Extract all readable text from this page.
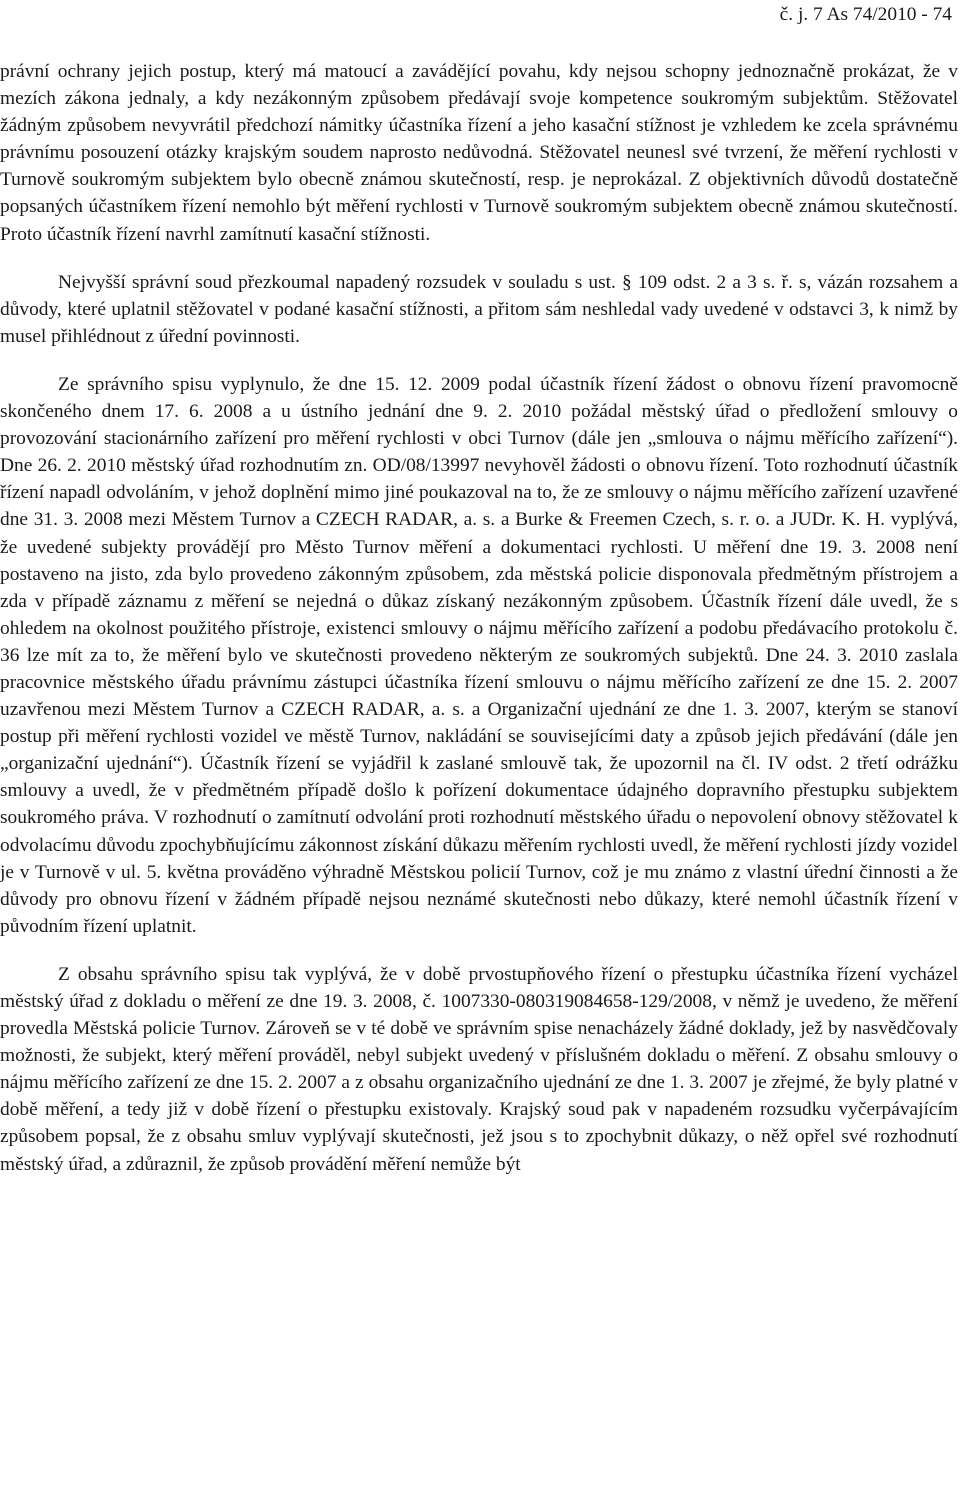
č. j. 7 As 74/2010 - 74

právní ochrany jejich postup, který má matoucí a zavádějící povahu, kdy nejsou schopny jednoznačně prokázat, že v mezích zákona jednaly, a kdy nezákonným způsobem předávají svoje kompetence soukromým subjektům. Stěžovatel žádným způsobem nevyvrátil předchozí námitky účastníka řízení a jeho kasační stížnost je vzhledem ke zcela správnému právnímu posouzení otázky krajským soudem naprosto nedůvodná. Stěžovatel neunesl své tvrzení, že měření rychlosti v Turnově soukromým subjektem bylo obecně známou skutečností, resp. je neprokázal. Z objektivních důvodů dostatečně popsaných účastníkem řízení nemohlo být měření rychlosti v Turnově soukromým subjektem obecně známou skutečností. Proto účastník řízení navrhl zamítnutí kasační stížnosti.

Nejvyšší správní soud přezkoumal napadený rozsudek v souladu s ust. § 109 odst. 2 a 3 s. ř. s, vázán rozsahem a důvody, které uplatnil stěžovatel v podané kasační stížnosti, a přitom sám neshledal vady uvedené v odstavci 3, k nimž by musel přihlédnout z úřední povinnosti.

Ze správního spisu vyplynulo, že dne 15. 12. 2009 podal účastník řízení žádost o obnovu řízení pravomocně skončeného dnem 17. 6. 2008 a u ústního jednání dne 9. 2. 2010 požádal městský úřad o předložení smlouvy o provozování stacionárního zařízení pro měření rychlosti v obci Turnov (dále jen „smlouva o nájmu měřícího zařízení“). Dne 26. 2. 2010 městský úřad rozhodnutím zn. OD/08/13997 nevyhověl žádosti o obnovu řízení. Toto rozhodnutí účastník řízení napadl odvoláním, v jehož doplnění mimo jiné poukazoval na to, že ze smlouvy o nájmu měřícího zařízení uzavřené dne 31. 3. 2008 mezi Městem Turnov a CZECH RADAR, a. s. a Burke & Freemen Czech, s. r. o. a JUDr. K. H. vyplývá, že uvedené subjekty provádějí pro Město Turnov měření a dokumentaci rychlosti. U měření dne 19. 3. 2008 není postaveno na jisto, zda bylo provedeno zákonným způsobem, zda městská policie disponovala předmětným přístrojem a zda v případě záznamu z měření se nejedná o důkaz získaný nezákonným způsobem. Účastník řízení dále uvedl, že s ohledem na okolnost použitého přístroje, existenci smlouvy o nájmu měřícího zařízení a podobu předávacího protokolu č. 36 lze mít za to, že měření bylo ve skutečnosti provedeno některým ze soukromých subjektů. Dne 24. 3. 2010 zaslala pracovnice městského úřadu právnímu zástupci účastníka řízení smlouvu o nájmu měřícího zařízení ze dne 15. 2. 2007 uzavřenou mezi Městem Turnov a CZECH RADAR, a. s. a Organizační ujednání ze dne 1. 3. 2007, kterým se stanoví postup při měření rychlosti vozidel ve městě Turnov, nakládání se souvisejícími daty a způsob jejich předávání (dále jen „organizační ujednání“). Účastník řízení se vyjádřil k zaslané smlouvě tak, že upozornil na čl. IV odst. 2 třetí odrážku smlouvy a uvedl, že v předmětném případě došlo k pořízení dokumentace údajného dopravního přestupku subjektem soukromého práva. V rozhodnutí o zamítnutí odvolání proti rozhodnutí městského úřadu o nepovolení obnovy stěžovatel k odvolacímu důvodu zpochybňujícímu zákonnost získání důkazu měřením rychlosti uvedl, že měření rychlosti jízdy vozidel je v Turnově v ul. 5. května prováděno výhradně Městskou policií Turnov, což je mu známo z vlastní úřední činnosti a že důvody pro obnovu řízení v žádném případě nejsou neznámé skutečnosti nebo důkazy, které nemohl účastník řízení v původním řízení uplatnit.

Z obsahu správního spisu tak vyplývá, že v době prvostupňového řízení o přestupku účastníka řízení vycházel městský úřad z dokladu o měření ze dne 19. 3. 2008, č. 1007330-080319084658-129/2008, v němž je uvedeno, že měření provedla Městská policie Turnov. Zároveň se v té době ve správním spise nenacházely žádné doklady, jež by nasvědčovaly možnosti, že subjekt, který měření prováděl, nebyl subjekt uvedený v příslušném dokladu o měření. Z obsahu smlouvy o nájmu měřícího zařízení ze dne 15. 2. 2007 a z obsahu organizačního ujednání ze dne 1. 3. 2007 je zřejmé, že byly platné v době měření, a tedy již v době řízení o přestupku existovaly. Krajský soud pak v napadeném rozsudku vyčerpávajícím způsobem popsal, že z obsahu smluv vyplývají skutečnosti, jež jsou s to zpochybnit důkazy, o něž opřel své rozhodnutí městský úřad, a zdůraznil, že způsob provádění měření nemůže být
